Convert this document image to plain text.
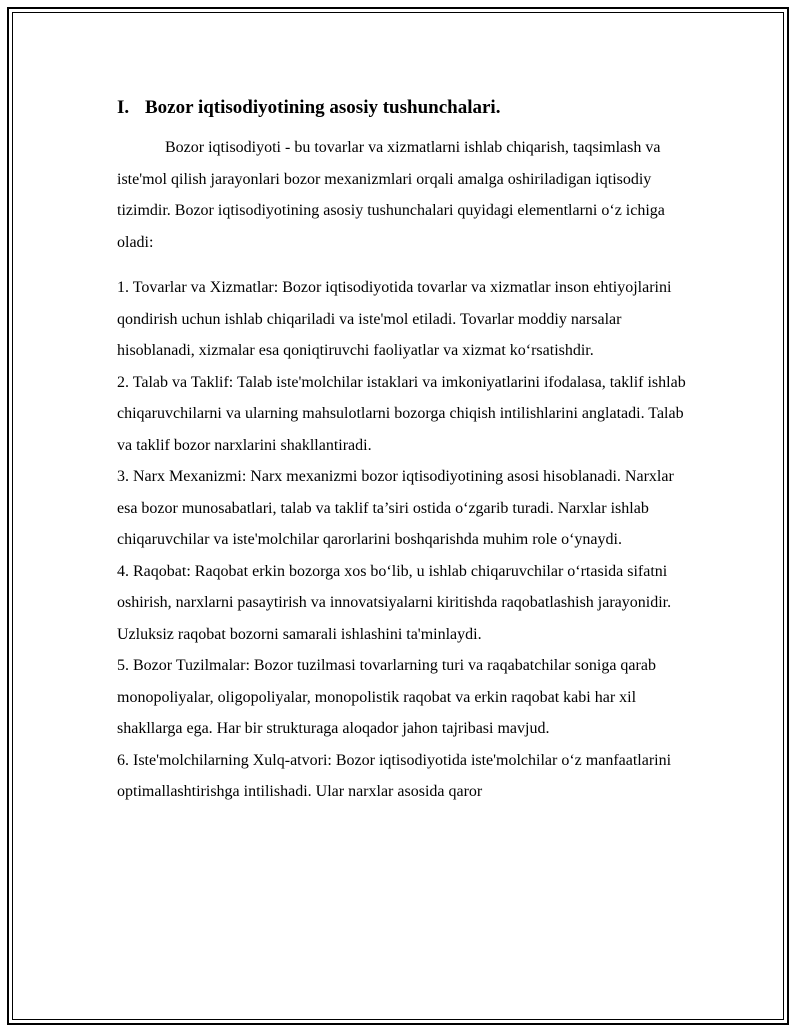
I. Bozor iqtisodiyotining asosiy tushunchalari.

Bozor iqtisodiyoti - bu tovarlar va xizmatlarni ishlab chiqarish, taqsimlash va iste'mol qilish jarayonlari bozor mexanizmlari orqali amalga oshiriladigan iqtisodiy tizimdir. Bozor iqtisodiyotining asosiy tushunchalari quyidagi elementlarni o‘z ichiga oladi:

1. Tovarlar va Xizmatlar: Bozor iqtisodiyotida tovarlar va xizmatlar inson ehtiyojlarini qondirish uchun ishlab chiqariladi va iste'mol etiladi. Tovarlar moddiy narsalar hisoblanadi, xizmalar esa qoniqtiruvchi faoliyatlar va xizmat ko‘rsatishdir.

2. Talab va Taklif: Talab iste'molchilar istaklari va imkoniyatlarini ifodalasa, taklif ishlab chiqaruvchilarni va ularning mahsulotlarni bozorga chiqish intilishlarini anglatadi. Talab va taklif bozor narxlarini shakllantiradi.

3. Narx Mexanizmi: Narx mexanizmi bozor iqtisodiyotining asosi hisoblanadi. Narxlar esa bozor munosabatlari, talab va taklif ta’siri ostida o‘zgarib turadi. Narxlar ishlab chiqaruvchilar va iste'molchilar qarorlarini boshqarishda muhim role o‘ynaydi.

4. Raqobat: Raqobat erkin bozorga xos bo‘lib, u ishlab chiqaruvchilar o‘rtasida sifatni oshirish, narxlarni pasaytirish va innovatsiyalarni kiritishda raqobatlashish jarayonidir. Uzluksiz raqobat bozorni samarali ishlashini ta'minlaydi.

5. Bozor Tuzilmalar: Bozor tuzilmasi tovarlarning turi va raqabatchilar soniga qarab monopoliyalar, oligopoliyalar, monopolistik raqobat va erkin raqobat kabi har xil shakllarga ega. Har bir strukturaga aloqador jahon tajribasi mavjud.

6. Iste'molchilarning Xulq-atvori: Bozor iqtisodiyotida iste'molchilar o‘z manfaatlarini optimallashtirishga intilishadi. Ular narxlar asosida qaror
